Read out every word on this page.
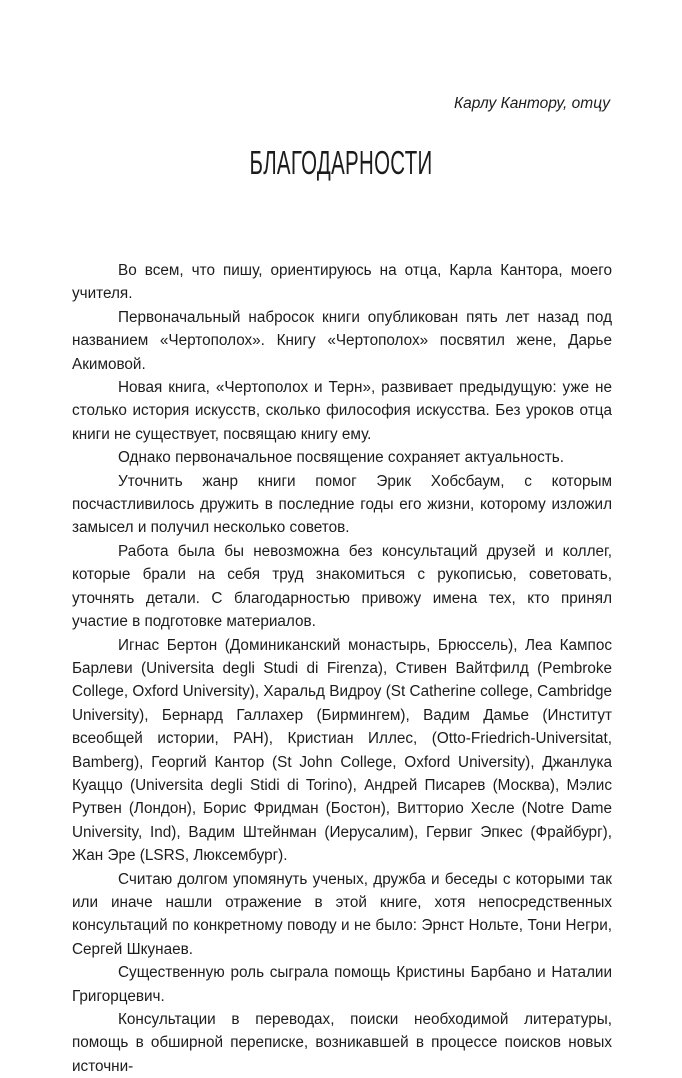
Карлу Кантору, отцу
БЛАГОДАРНОСТИ

Во всем, что пишу, ориентируюсь на отца, Карла Кантора, моего учителя.

Первоначальный набросок книги опубликован пять лет назад под названием «Чертополох». Книгу «Чертополох» посвятил жене, Дарье Акимовой.

Новая книга, «Чертополох и Терн», развивает предыдущую: уже не столько история искусств, сколько философия искусства. Без уроков отца книги не существует, посвящаю книгу ему.

Однако первоначальное посвящение сохраняет актуальность.

Уточнить жанр книги помог Эрик Хобсбаум, с которым посчастливилось дружить в последние годы его жизни, которому изложил замысел и получил несколько советов.

Работа была бы невозможна без консультаций друзей и коллег, которые брали на себя труд знакомиться с рукописью, советовать, уточнять детали. С благодарностью привожу имена тех, кто принял участие в подготовке материалов.

Игнас Бертон (Доминиканский монастырь, Брюссель), Леа Кампос Барлеви (Universita degli Studi di Firenza), Стивен Вайтфилд (Pembroke College, Oxford University), Харальд Видроу (St Catherine college, Cambridge University), Бернард Галлахер (Бирмингем), Вадим Дамье (Институт всеобщей истории, РАН), Кристиан Иллес, (Otto-Friedrich-Universitat, Bamberg), Георгий Кантор (St John College, Oxford University), Джанлука Куаццо (Universita degli Stidi di Torino), Андрей Писарев (Москва), Мэлис Рутвен (Лондон), Борис Фридман (Бостон), Витторио Хесле (Notre Dame University, Ind), Вадим Штейнман (Иерусалим), Гервиг Эпкес (Фрайбург), Жан Эре (LSRS, Люксембург).

Считаю долгом упомянуть ученых, дружба и беседы с которыми так или иначе нашли отражение в этой книге, хотя непосредственных консультаций по конкретному поводу и не было: Эрнст Нольте, Тони Негри, Сергей Шкунаев.

Существенную роль сыграла помощь Кристины Барбано и Наталии Григорцевич.

Консультации в переводах, поиски необходимой литературы, помощь в обширной переписке, возникавшей в процессе поисков новых источни-
